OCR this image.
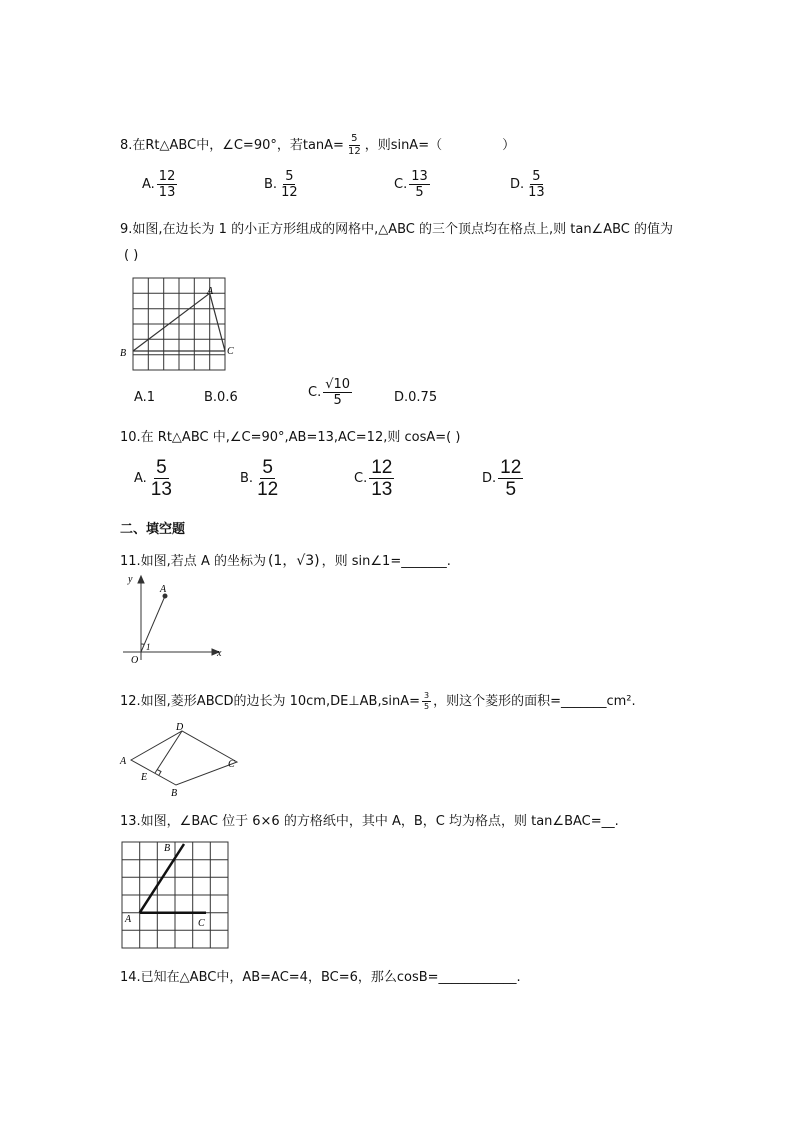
8.在Rt△ABC中，∠C=90°，若$\tan A= \frac{5}{12}$ ，则sinA=（	）
A. $\frac{12}{13}$	B. $\frac{5}{12}$	C. $\frac{13}{5}$	D. $\frac{5}{13}$
9.如图,在边长为 1 的小正方形组成的网格中,△ABC 的三个顶点均在格点上,则 tan∠ABC 的值为
( )
A
B	C
A.1	B.0.6	C. $\frac{√10}{5}$	D.0.75
10.在 Rt△ABC 中,∠C=90°,AB=13,AC=12,则 cosA=( )
A. $\frac{5}{13}$	B. $\frac{5}{12}$	C. $\frac{12}{13}$	D. $\frac{12}{5}$
二、填空题
11.如图,若点 A 的坐标为 (1，√3) ，则 sin∠1=_______.
y
x
A
O
1
12.如图,菱形ABCD的边长为 10cm,DE⊥AB,sinA= $\frac{3}{5}$ ，则这个菱形的面积=_______cm².
A
D
C
B
E
13.如图，∠BAC 位于 6×6 的方格纸中，其中 A，B，C 均为格点，则 tan∠BAC=__.
B
A	C
14.已知在△ABC中，AB=AC=4，BC=6，那么cosB=____________.
